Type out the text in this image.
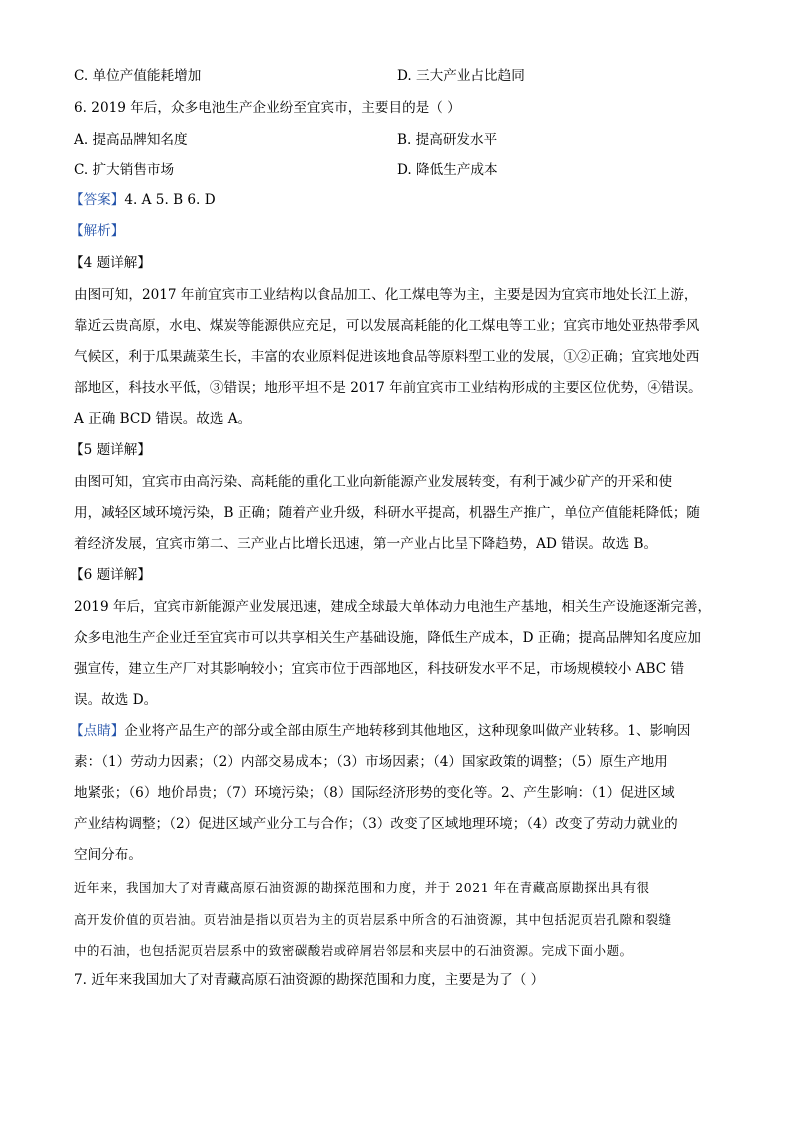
C. 单位产值能耗增加	D. 三大产业占比趋同
6. 2019 年后，众多电池生产企业纷至宜宾市，主要目的是（ ）
A. 提高品牌知名度	B. 提高研发水平
C. 扩大销售市场	D. 降低生产成本
【答案】4. A 5. B 6. D
【解析】
【4 题详解】
由图可知，2017 年前宜宾市工业结构以食品加工、化工煤电等为主，主要是因为宜宾市地处长江上游，
靠近云贵高原，水电、煤炭等能源供应充足，可以发展高耗能的化工煤电等工业；宜宾市地处亚热带季风
气候区，利于瓜果蔬菜生长，丰富的农业原料促进该地食品等原料型工业的发展，①②正确；宜宾地处西
部地区，科技水平低，③错误；地形平坦不是 2017 年前宜宾市工业结构形成的主要区位优势，④错误。
A 正确 BCD 错误。故选 A。
【5 题详解】
由图可知，宜宾市由高污染、高耗能的重化工业向新能源产业发展转变，有利于减少矿产的开采和使
用，减轻区域环境污染，B 正确；随着产业升级，科研水平提高，机器生产推广，单位产值能耗降低；随
着经济发展，宜宾市第二、三产业占比增长迅速，第一产业占比呈下降趋势，AD 错误。故选 B。
【6 题详解】
2019 年后，宜宾市新能源产业发展迅速，建成全球最大单体动力电池生产基地，相关生产设施逐渐完善，
众多电池生产企业迁至宜宾市可以共享相关生产基础设施，降低生产成本，D 正确；提高品牌知名度应加
强宣传，建立生产厂对其影响较小；宜宾市位于西部地区，科技研发水平不足，市场规模较小 ABC 错
误。故选 D。
【点睛】企业将产品生产的部分或全部由原生产地转移到其他地区，这种现象叫做产业转移。1、影响因
素：（1）劳动力因素；（2）内部交易成本；（3）市场因素；（4）国家政策的调整；（5）原生产地用
地紧张；（6）地价昂贵；（7）环境污染；（8）国际经济形势的变化等。2、产生影响：（1）促进区域
产业结构调整；（2）促进区域产业分工与合作；（3）改变了区域地理环境；（4）改变了劳动力就业的
空间分布。
近年来，我国加大了对青藏高原石油资源的勘探范围和力度，并于 2021 年在青藏高原勘探出具有很
高开发价值的页岩油。页岩油是指以页岩为主的页岩层系中所含的石油资源，其中包括泥页岩孔隙和裂缝
中的石油，也包括泥页岩层系中的致密碳酸岩或碎屑岩邻层和夹层中的石油资源。完成下面小题。
7. 近年来我国加大了对青藏高原石油资源的勘探范围和力度，主要是为了（ ）
